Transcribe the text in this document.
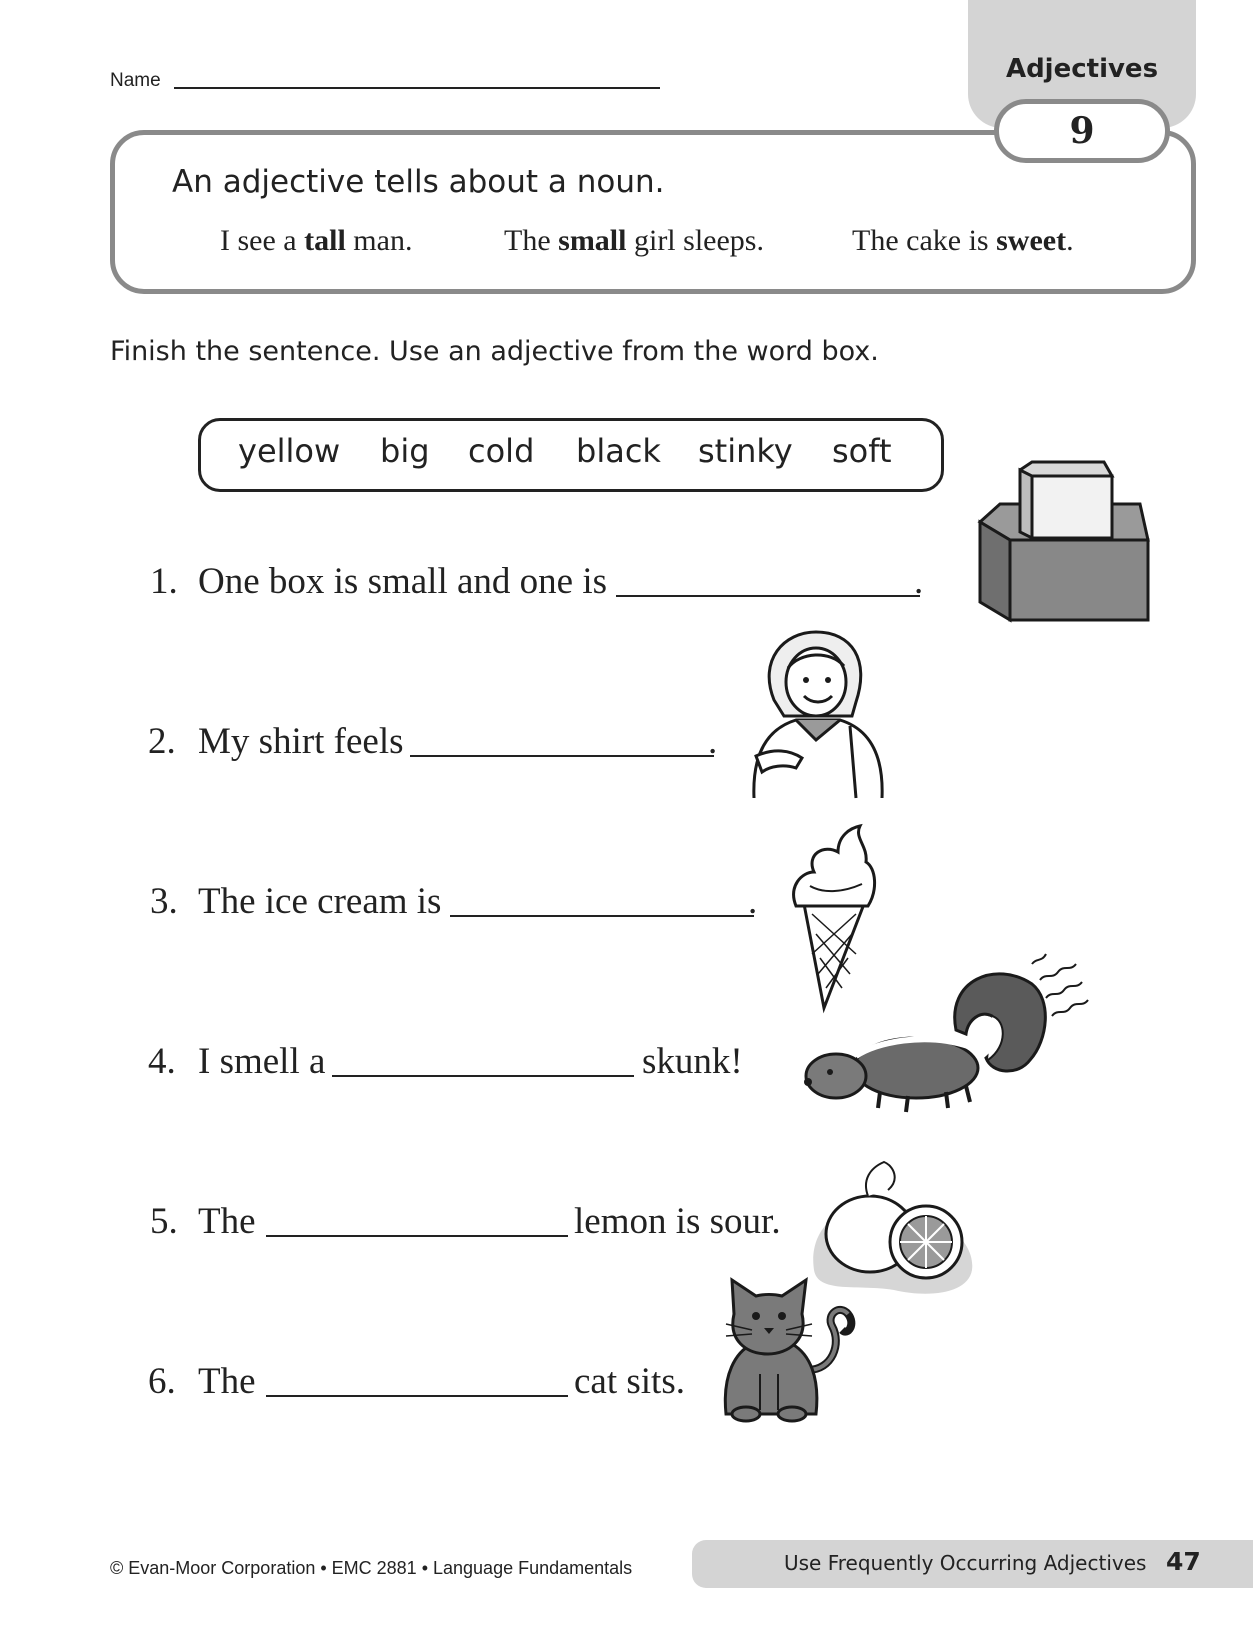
Adjectives
Name
9
An adjective tells about a noun.
I see a tall man.	The small girl sleeps.	The cake is sweet.
Finish the sentence. Use an adjective from the word box.
yellow big cold black stinky soft
1. One box is small and one is	.
2. My shirt feels	.
3. The ice cream is	.
4. I smell a	skunk!
5. The	lemon is sour.
6. The	cat sits.
© Evan-Moor Corporation • EMC 2881 • Language Fundamentals	Use Frequently Occurring Adjectives 47
